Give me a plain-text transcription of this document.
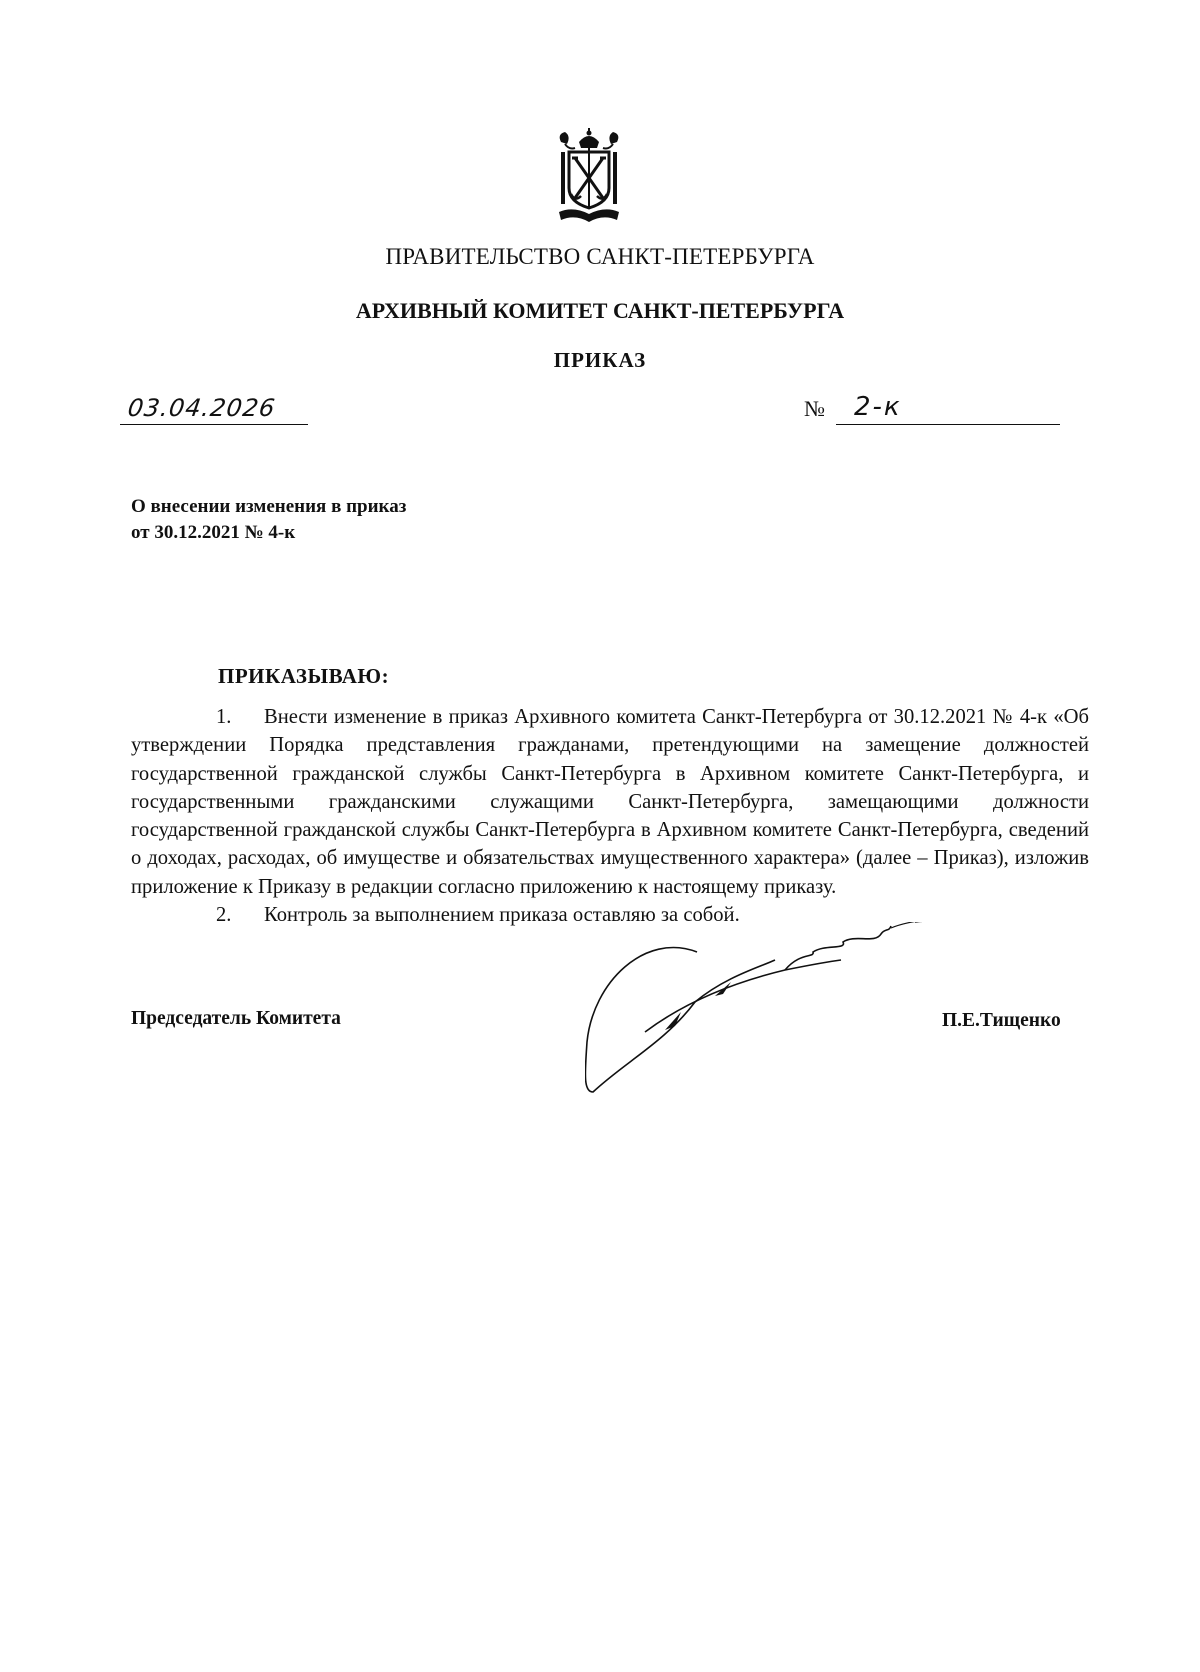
ПРАВИТЕЛЬСТВО САНКТ-ПЕТЕРБУРГА
АРХИВНЫЙ КОМИТЕТ САНКТ-ПЕТЕРБУРГА
ПРИКАЗ
03.04.2026	№ 2-к
О внесении изменения в приказ
от 30.12.2021 № 4-к
ПРИКАЗЫВАЮ:

1. Внести изменение в приказ Архивного комитета Санкт-Петербурга от 30.12.2021 № 4-к «Об утверждении Порядка представления гражданами, претендующими на замещение должностей государственной гражданской службы Санкт-Петербурга в Архивном комитете Санкт-Петербурга, и государственными гражданскими служащими Санкт-Петербурга, замещающими должности государственной гражданской службы Санкт-Петербурга в Архивном комитете Санкт-Петербурга, сведений о доходах, расходах, об имуществе и обязательствах имущественного характера» (далее – Приказ), изложив приложение к Приказу в редакции согласно приложению к настоящему приказу.

2. Контроль за выполнением приказа оставляю за собой.

Председатель Комитета	П.Е.Тищенко
